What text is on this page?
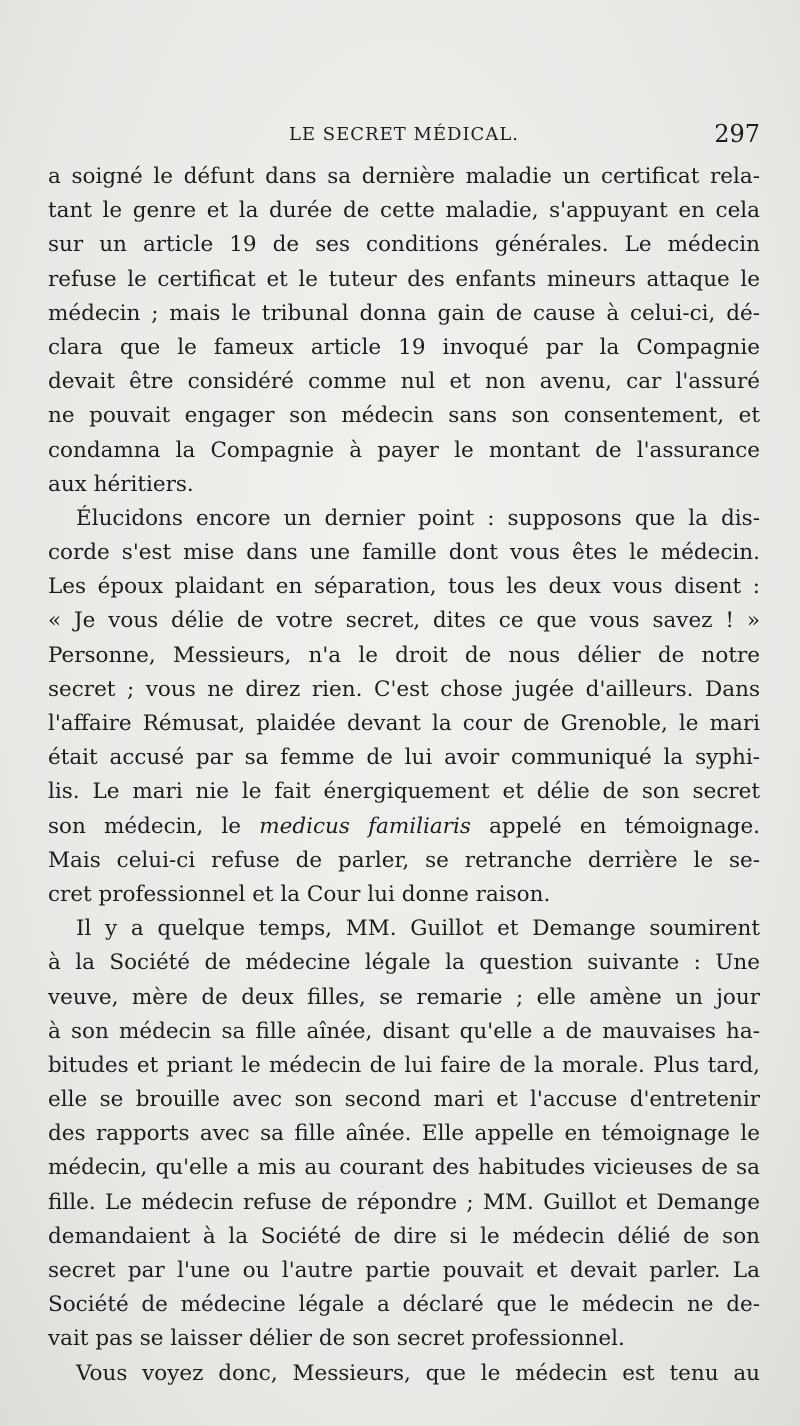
LE SECRET MÉDICAL.	297
a soigné le défunt dans sa dernière maladie un certificat rela-
tant le genre et la durée de cette maladie, s'appuyant en cela
sur un article 19 de ses conditions générales. Le médecin
refuse le certificat et le tuteur des enfants mineurs attaque le
médecin ; mais le tribunal donna gain de cause à celui-ci, dé-
clara que le fameux article 19 invoqué par la Compagnie
devait être considéré comme nul et non avenu, car l'assuré
ne pouvait engager son médecin sans son consentement, et
condamna la Compagnie à payer le montant de l'assurance
aux héritiers.
Élucidons encore un dernier point : supposons que la dis-
corde s'est mise dans une famille dont vous êtes le médecin.
Les époux plaidant en séparation, tous les deux vous disent :
« Je vous délie de votre secret, dites ce que vous savez ! »
Personne, Messieurs, n'a le droit de nous délier de notre
secret ; vous ne direz rien. C'est chose jugée d'ailleurs. Dans
l'affaire Rémusat, plaidée devant la cour de Grenoble, le mari
était accusé par sa femme de lui avoir communiqué la syphi-
lis. Le mari nie le fait énergiquement et délie de son secret
son médecin, le medicus familiaris appelé en témoignage.
Mais celui-ci refuse de parler, se retranche derrière le se-
cret professionnel et la Cour lui donne raison.
Il y a quelque temps, MM. Guillot et Demange soumirent
à la Société de médecine légale la question suivante : Une
veuve, mère de deux filles, se remarie ; elle amène un jour
à son médecin sa fille aînée, disant qu'elle a de mauvaises ha-
bitudes et priant le médecin de lui faire de la morale. Plus tard,
elle se brouille avec son second mari et l'accuse d'entretenir
des rapports avec sa fille aînée. Elle appelle en témoignage le
médecin, qu'elle a mis au courant des habitudes vicieuses de sa
fille. Le médecin refuse de répondre ; MM. Guillot et Demange
demandaient à la Société de dire si le médecin délié de son
secret par l'une ou l'autre partie pouvait et devait parler. La
Société de médecine légale a déclaré que le médecin ne de-
vait pas se laisser délier de son secret professionnel.
Vous voyez donc, Messieurs, que le médecin est tenu au
